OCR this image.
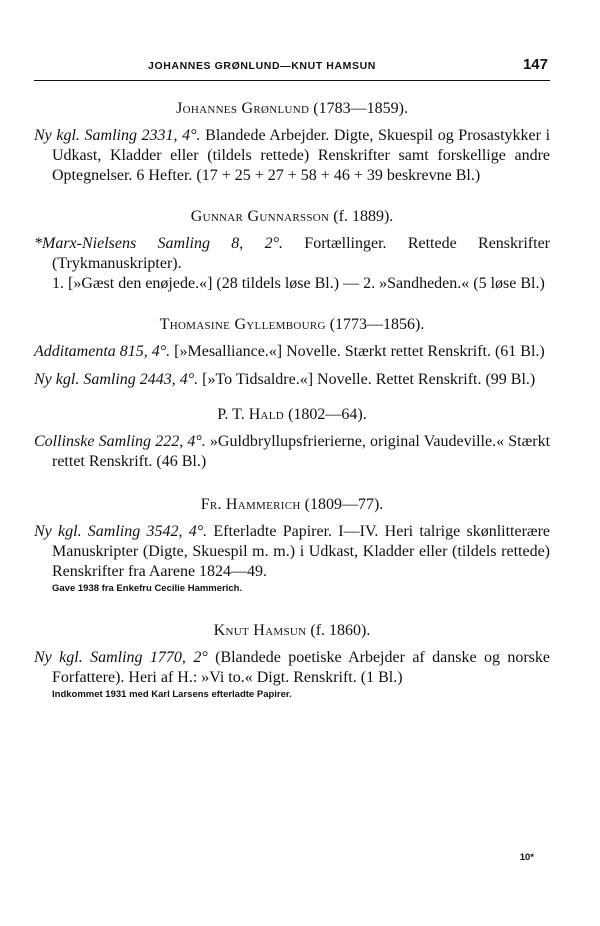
JOHANNES GRØNLUND—KNUT HAMSUN	147
Johannes Grønlund (1783—1859).

Ny kgl. Samling 2331, 4°. Blandede Arbejder. Digte, Skuespil og Prosastykker i Udkast, Kladder eller (tildels rettede) Renskrifter samt forskellige andre Optegnelser. 6 Hefter. (17 + 25 + 27 + 58 + 46 + 39 beskrevne Bl.)

Gunnar Gunnarsson (f. 1889).

*Marx-Nielsens Samling 8, 2°. Fortællinger. Rettede Renskrifter (Trykmanuskripter).

1. [»Gæst den enøjede.«] (28 tildels løse Bl.) — 2. »Sandheden.« (5 løse Bl.)

Thomasine Gyllembourg (1773—1856).

Additamenta 815, 4°. [»Mesalliance.«] Novelle. Stærkt rettet Renskrift. (61 Bl.)

Ny kgl. Samling 2443, 4°. [»To Tidsaldre.«] Novelle. Rettet Renskrift. (99 Bl.)

P. T. Hald (1802—64).

Collinske Samling 222, 4°. »Guldbryllupsfrierierne, original Vaudeville.« Stærkt rettet Renskrift. (46 Bl.)

Fr. Hammerich (1809—77).

Ny kgl. Samling 3542, 4°. Efterladte Papirer. I—IV. Heri talrige skønlitterære Manuskripter (Digte, Skuespil m. m.) i Udkast, Kladder eller (tildels rettede) Renskrifter fra Aarene 1824—49.

Gave 1938 fra Enkefru Cecilie Hammerich.

Knut Hamsun (f. 1860).

Ny kgl. Samling 1770, 2° (Blandede poetiske Arbejder af danske og norske Forfattere). Heri af H.: »Vi to.« Digt. Renskrift. (1 Bl.)

Indkommet 1931 med Karl Larsens efterladte Papirer.

10*
